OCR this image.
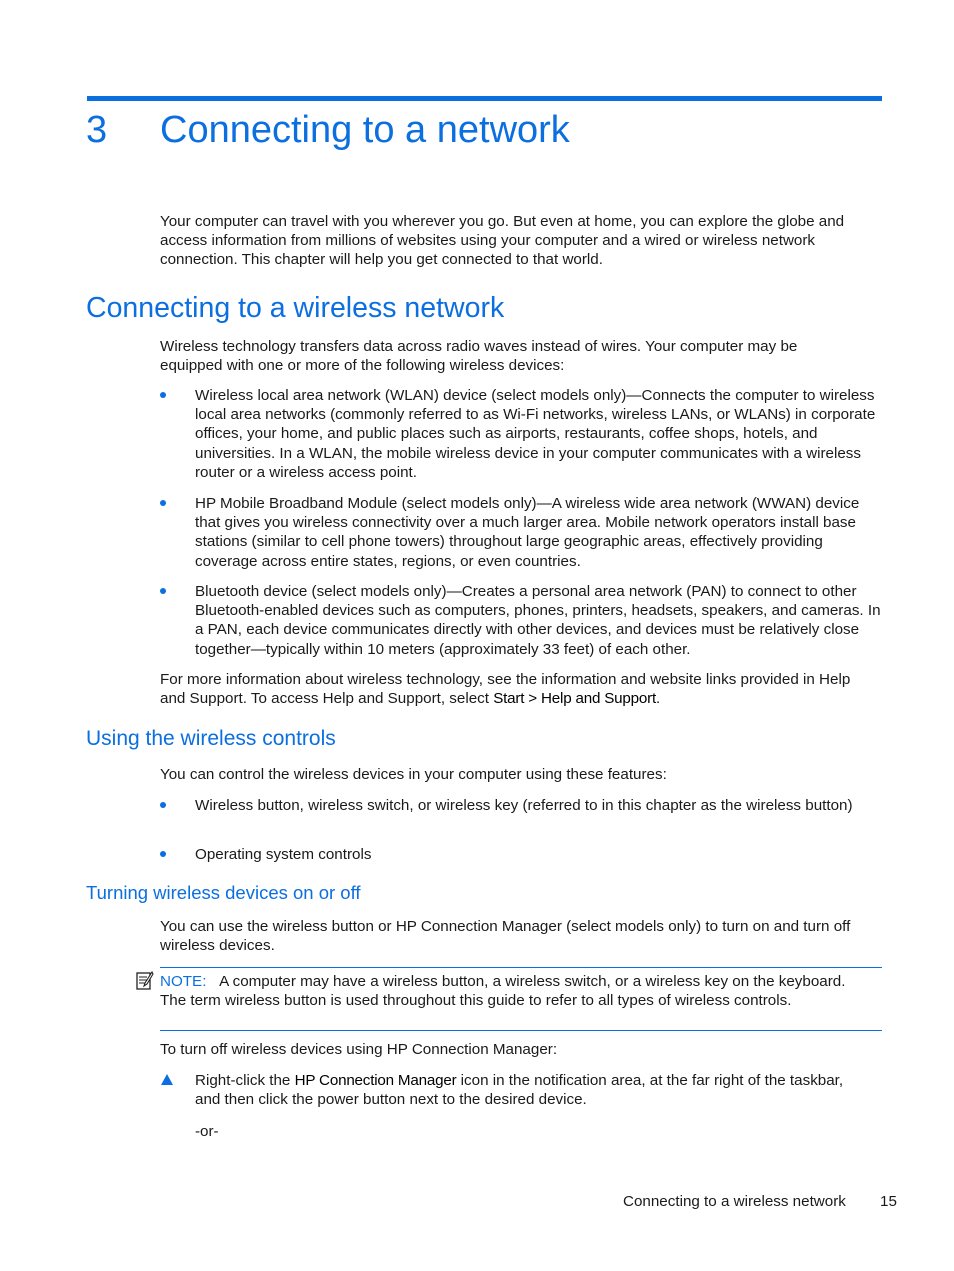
3 Connecting to a network
Your computer can travel with you wherever you go. But even at home, you can explore the globe and access information from millions of websites using your computer and a wired or wireless network connection. This chapter will help you get connected to that world.
Connecting to a wireless network
Wireless technology transfers data across radio waves instead of wires. Your computer may be equipped with one or more of the following wireless devices:
Wireless local area network (WLAN) device (select models only)—Connects the computer to wireless local area networks (commonly referred to as Wi-Fi networks, wireless LANs, or WLANs) in corporate offices, your home, and public places such as airports, restaurants, coffee shops, hotels, and universities. In a WLAN, the mobile wireless device in your computer communicates with a wireless router or a wireless access point.
HP Mobile Broadband Module (select models only)—A wireless wide area network (WWAN) device that gives you wireless connectivity over a much larger area. Mobile network operators install base stations (similar to cell phone towers) throughout large geographic areas, effectively providing coverage across entire states, regions, or even countries.
Bluetooth device (select models only)—Creates a personal area network (PAN) to connect to other Bluetooth-enabled devices such as computers, phones, printers, headsets, speakers, and cameras. In a PAN, each device communicates directly with other devices, and devices must be relatively close together—typically within 10 meters (approximately 33 feet) of each other.
For more information about wireless technology, see the information and website links provided in Help and Support. To access Help and Support, select Start > Help and Support.
Using the wireless controls
You can control the wireless devices in your computer using these features:
Wireless button, wireless switch, or wireless key (referred to in this chapter as the wireless button)
Operating system controls
Turning wireless devices on or off
You can use the wireless button or HP Connection Manager (select models only) to turn on and turn off wireless devices.
NOTE: A computer may have a wireless button, a wireless switch, or a wireless key on the keyboard. The term wireless button is used throughout this guide to refer to all types of wireless controls.
To turn off wireless devices using HP Connection Manager:
Right-click the HP Connection Manager icon in the notification area, at the far right of the taskbar, and then click the power button next to the desired device.
-or-
Connecting to a wireless network 15
